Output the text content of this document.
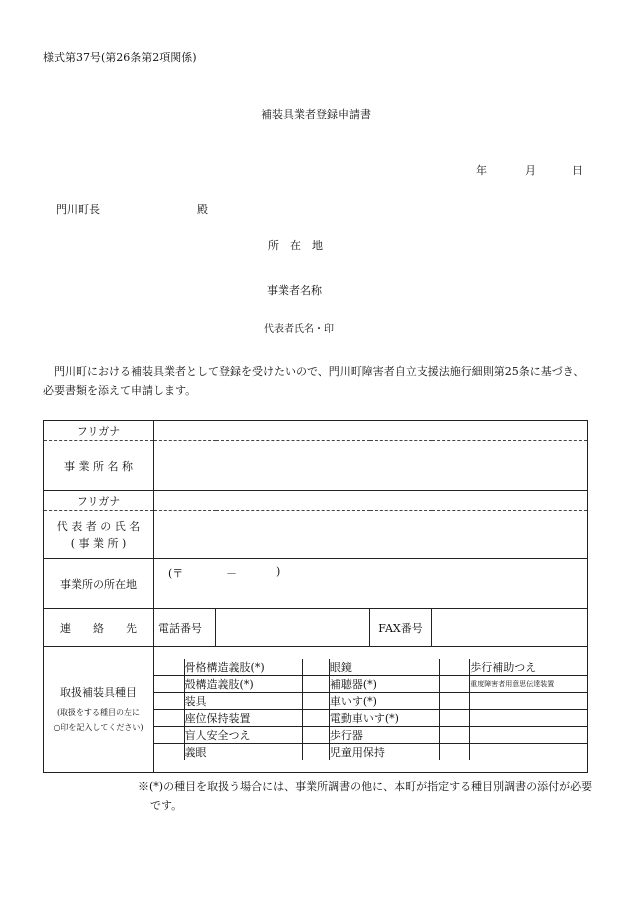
様式第37号(第26条第2項関係)
補装具業者登録申請書
年	月	日
門川町長	殿
所　在　地
事業者名称
代表者氏名・印
門川町における補装具業者として登録を受けたいので、門川町障害者自立支援法施行細則第25条に基づき、必要書類を添えて申請します。
フリガナ	
事 業 所 名 称	
フリガナ	

代 表 者 の 氏 名
( 事 業 所 )

事業所の所在地	
(〒	－	)

連　　絡　　先	電話番号		FAX番号	

取扱補装具種目
(取扱をする種目の左に
○印を記入してください)

	骨格構造義肢(*)		眼鏡		歩行補助つえ
	殻構造義肢(*)		補聴器(*)		重度障害者用意思伝達装置
	装具		車いす(*)		
	座位保持装置		電動車いす(*)		
	盲人安全つえ		歩行器		
	義眼		児童用保持		
※(*)の種目を取扱う場合には、事業所調書の他に、本町が指定する種目別調書の添付が必要です。
